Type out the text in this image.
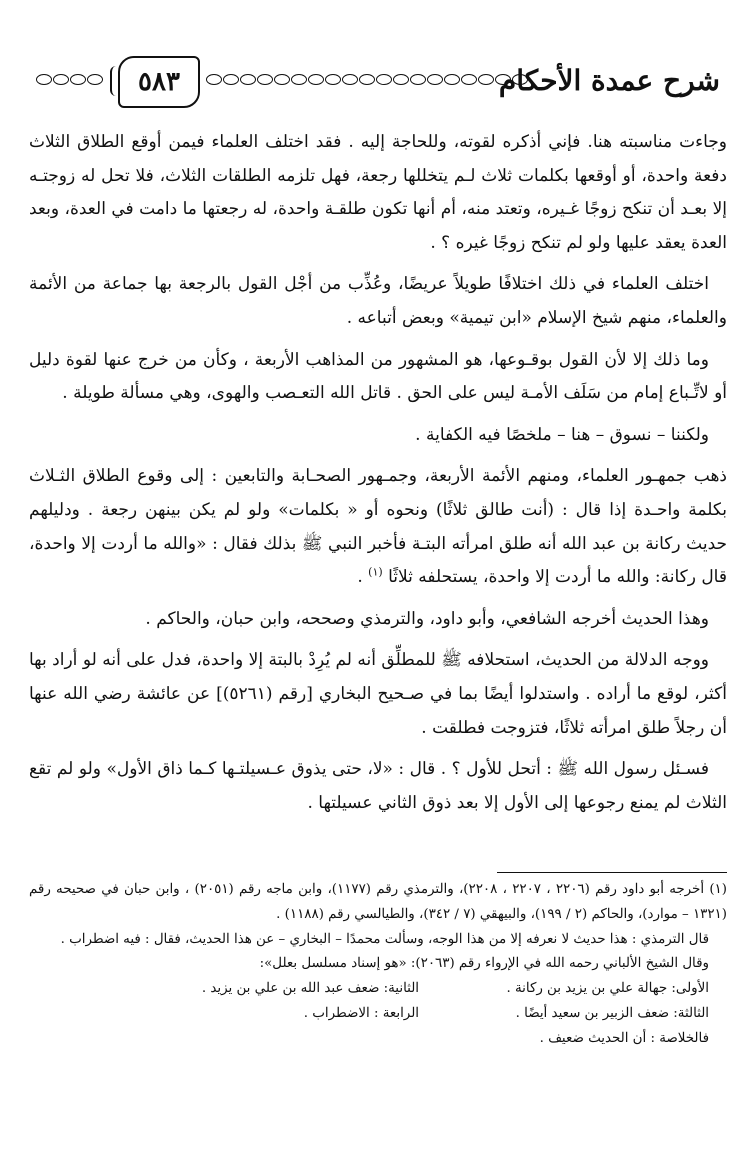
٥٨٣	شرح عمدة الأحكام

وجاءت مناسبته هنا. فإني أذكره لقوته، وللحاجة إليه . فقد اختلف العلماء فيمن أوقع الطلاق الثلاث دفعة واحدة، أو أوقعها بكلمات ثلاث لـم يتخللها رجعة، فهل تلزمه الطلقات الثلاث، فلا تحل له زوجتـه إلا بعـد أن تنكح زوجًا غـيره، وتعتد منه، أم أنها تكون طلقـة واحدة، له رجعتها ما دامت في العدة، وبعد العدة يعقد عليها ولو لم تنكح زوجًا غيره ؟ .

اختلف العلماء في ذلك اختلافًا طويلاً عريضًا، وعُذِّب من أجْل القول بالرجعة بها جماعة من الأئمة والعلماء، منهم شيخ الإسلام «ابن تيمية» وبعض أتباعه .

وما ذلك إلا لأن القول بوقـوعها، هو المشهور من المذاهب الأربعة ، وكأن من خرج عنها لقوة دليل أو لاتِّـباع إمام من سَلَف الأمـة ليس على الحق . قاتل الله التعـصب والهوى، وهي مسألة طويلة .

ولكننا – نسوق – هنا – ملخصًا فيه الكفاية .

ذهب جمهـور العلماء، ومنهم الأئمة الأربعة، وجمـهور الصحـابة والتابعين : إلى وقوع الطلاق الثـلاث بكلمة واحـدة إذا قال : (أنت طالق ثلاثًا) ونحوه أو « بكلمات» ولو لم يكن بينهن رجعة . ودليلهم حديث ركانة بن عبد الله أنه طلق امرأته البتـة فأخبر النبي ﷺ بذلك فقال : «والله ما أردت إلا واحدة، قال ركانة: والله ما أردت إلا واحدة، يستحلفه ثلاثًا $^{(١)}$ .

وهذا الحديث أخرجه الشافعي، وأبو داود، والترمذي وصححه، وابن حبان، والحاكم .

ووجه الدلالة من الحديث، استحلافه ﷺ للمطلِّق أنه لم يُرِدْ بالبتة إلا واحدة، فدل على أنه لو أراد بها أكثر، لوقع ما أراده . واستدلوا أيضًا بما في صـحيح البخاري [رقم (٥٢٦١)] عن عائشة رضي الله عنها أن رجلاً طلق امرأته ثلاثًا، فتزوجت فطلقت .

فسـئل رسول الله ﷺ : أتحل للأول ؟ . قال : «لا، حتى يذوق عـسيلتـها كـما ذاق الأول» ولو لم تقع الثلاث لم يمنع رجوعها إلى الأول إلا بعد ذوق الثاني عسيلتها .

(١) أخرجه أبو داود رقم (٢٢٠٦ ، ٢٢٠٧ ، ٢٢٠٨)، والترمذي رقم (١١٧٧)، وابن ماجه رقم (٢٠٥١) ، وابن حبان في صحيحه رقم (١٣٢١ – موارد)، والحاكم (٢ / ١٩٩)، والبيهقي (٧ / ٣٤٢)، والطيالسي رقم (١١٨٨) .

قال الترمذي : هذا حديث لا نعرفه إلا من هذا الوجه، وسألت محمدًا – البخاري – عن هذا الحديث، فقال : فيه اضطراب .

وقال الشيخ الألباني رحمه الله في الإرواء رقم (٢٠٦٣): «هو إسناد مسلسل بعلل»:

الأولى: جهالة علي بن يزيد بن ركانة .
الثانية: ضعف عبد الله بن علي بن يزيد .
الثالثة: ضعف الزبير بن سعيد أيضًا .
الرابعة : الاضطراب .

فالخلاصة : أن الحديث ضعيف .
